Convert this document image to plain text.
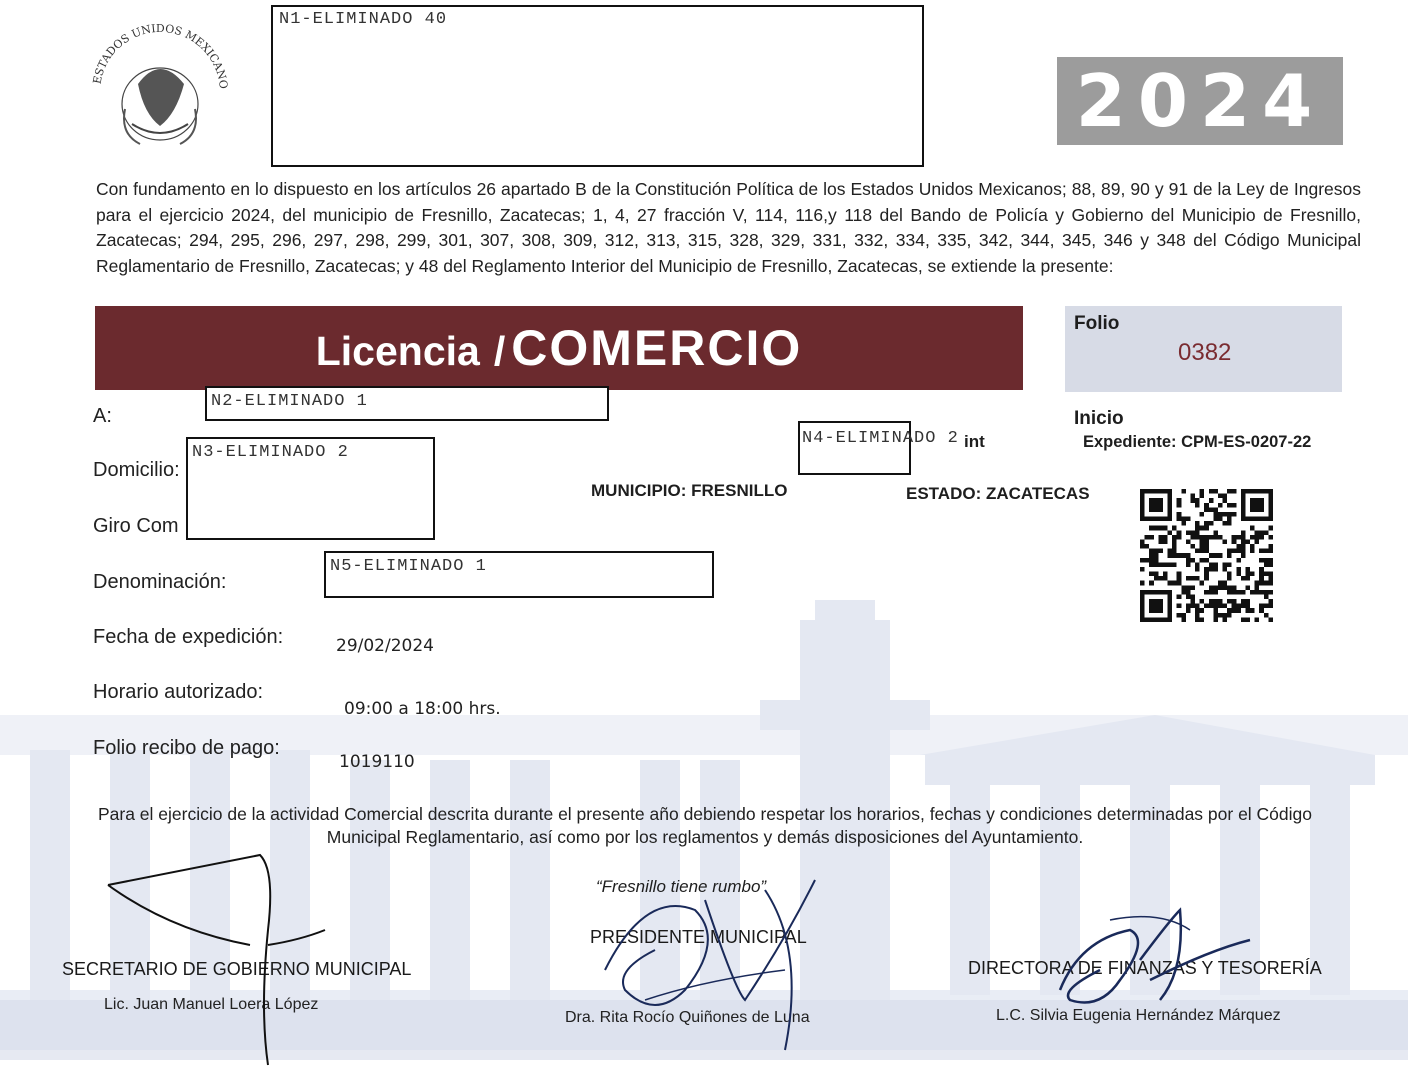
ESTADOS UNIDOS MEXICANO
N1-ELIMINADO 40
2024
Con fundamento en lo dispuesto en los artículos 26 apartado B de la Constitución Política de los Estados Unidos Mexicanos; 88, 89, 90 y 91 de la Ley de Ingresos para el ejercicio 2024, del municipio de Fresnillo, Zacatecas; 1, 4, 27 fracción V, 114, 116,y 118 del Bando de Policía y Gobierno del Municipio de Fresnillo, Zacatecas; 294, 295, 296, 297, 298, 299, 301, 307, 308, 309, 312, 313, 315, 328, 329, 331, 332, 334, 335, 342, 344, 345, 346 y 348 del Código Municipal Reglamentario de Fresnillo, Zacatecas; y 48 del Reglamento Interior del Municipio de Fresnillo, Zacatecas, se extiende la presente:
Licencia / COMERCIO	Folio
0382
Inicio
Expediente: CPM-ES-0207-22
A:
N2-ELIMINADO 1
Domicilio:
Giro Com
N3-ELIMINADO 2
N4-ELIMINADO 2 int
MUNICIPIO: FRESNILLO	ESTADO: ZACATECAS
Denominación:
N5-ELIMINADO 1
Fecha de expedición:	29/02/2024
Horario autorizado:
09:00 a 18:00 hrs.
Folio recibo de pago:
1019110
Para el ejercicio de la actividad Comercial descrita durante el presente año debiendo respetar los horarios, fechas y condiciones determinadas por el Código Municipal Reglamentario, así como por los reglamentos y demás disposiciones del Ayuntamiento.
“Fresnillo tiene rumbo”
SECRETARIO DE GOBIERNO MUNICIPAL
Lic. Juan Manuel Loera López
PRESIDENTE MUNICIPAL
Dra. Rita Rocío Quiñones de Luna
DIRECTORA DE FINANZAS Y TESORERÍA
L.C. Silvia Eugenia Hernández Márquez
